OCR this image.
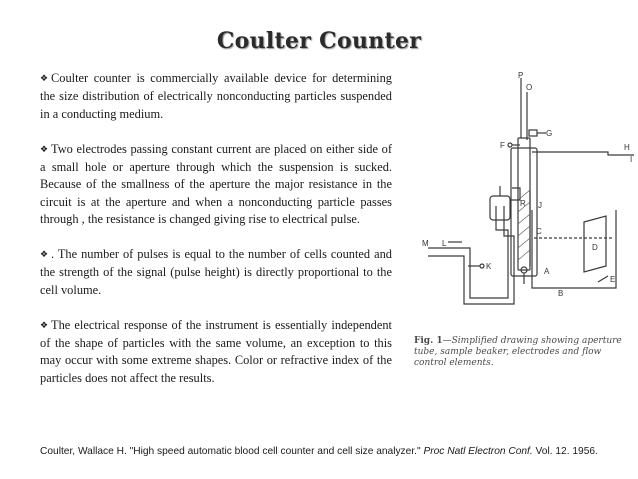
Coulter Counter

❖ Coulter counter is commercially available device for determining the size distribution of electrically nonconducting particles suspended in a conducting medium.

❖ Two electrodes passing constant current are placed on either side of a small hole or aperture through which the suspension is sucked. Because of the smallness of the aperture the major resistance in the circuit is at the aperture and when a nonconducting particle passes through , the resistance is changed giving rise to electrical pulse.

❖ . The number of pulses is equal to the number of cells counted and the strength of the signal (pulse height) is directly proportional to the cell volume.

❖ The electrical response of the instrument is essentially independent of the shape of particles with the same volume, an exception to this may occur with some extreme shapes. Color or refractive index of the particles does not affect the results.

P
O
G
F	H
I
J
R
C
D
M L
K
A
B
E
Fig. 1—Simplified drawing showing aperture tube, sample beaker, electrodes and flow control elements.
Coulter, Wallace H. "High speed automatic blood cell counter and cell size analyzer." Proc Natl Electron Conf. Vol. 12. 1956.
